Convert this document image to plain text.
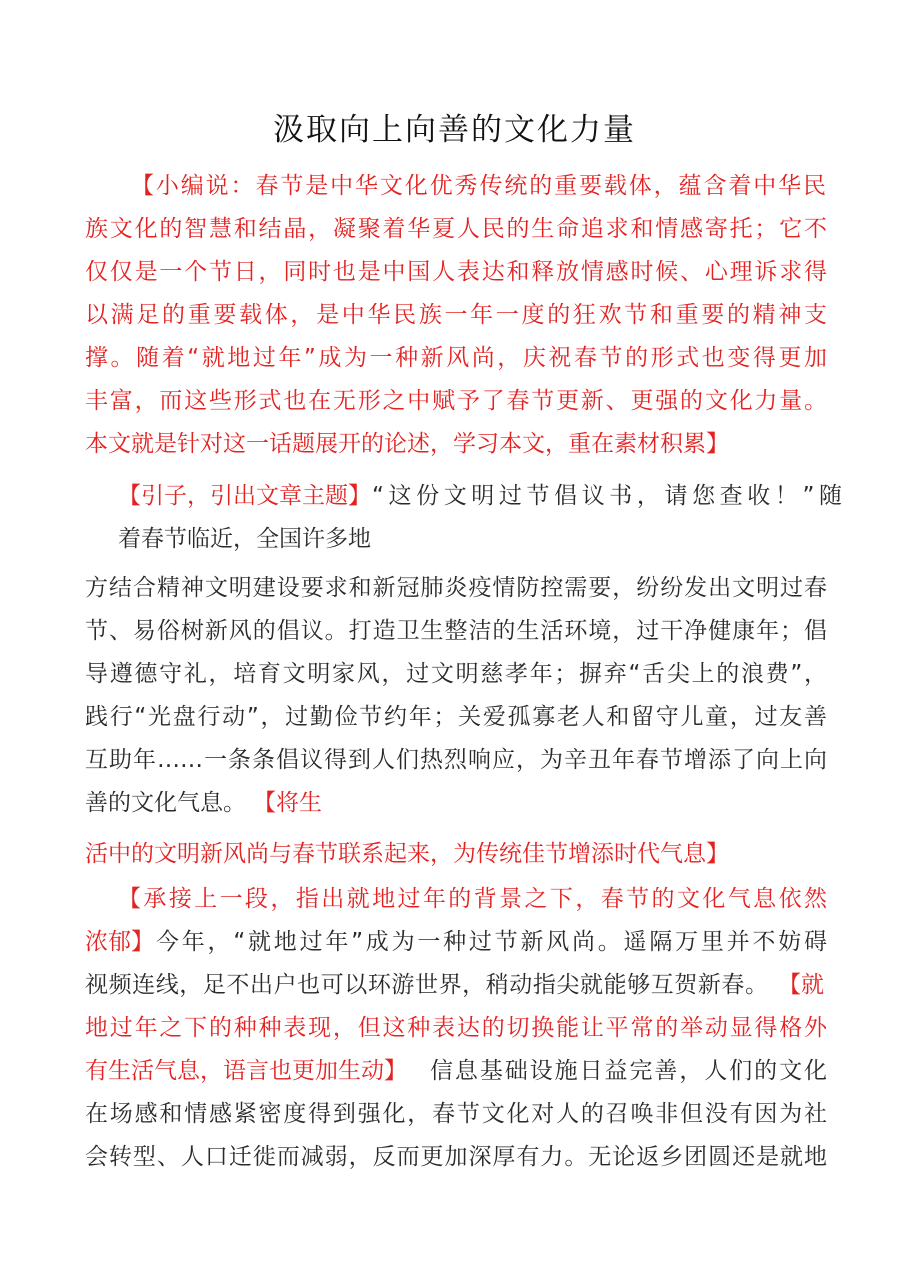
汲取向上向善的文化力量
【小编说：春节是中华文化优秀传统的重要载体，蕴含着中华民
族文化的智慧和结晶，凝聚着华夏人民的生命追求和情感寄托；它不
仅仅是一个节日，同时也是中国人表达和释放情感时候、心理诉求得
以满足的重要载体，是中华民族一年一度的狂欢节和重要的精神支
撑。随着“就地过年”成为一种新风尚，庆祝春节的形式也变得更加
丰富，而这些形式也在无形之中赋予了春节更新、更强的文化力量。
本文就是针对这一话题展开的论述，学习本文，重在素材积累】
【引子，引出文章主题】 “这份文明过节倡议书，请您查收！”随
着春节临近，全国许多地
方结合精神文明建设要求和新冠肺炎疫情防控需要，纷纷发出文明过春
节、易俗树新风的倡议。打造卫生整洁的生活环境，过干净健康年；倡
导遵德守礼，培育文明家风，过文明慈孝年；摒弃“舌尖上的浪费”，
践行“光盘行动”，过勤俭节约年；关爱孤寡老人和留守儿童，过友善
互助年……一条条倡议得到人们热烈响应，为辛丑年春节增添了向上向
善的文化气息。 【将生
活中的文明新风尚与春节联系起来，为传统佳节增添时代气息】
【承接上一段，指出就地过年的背景之下，春节的文化气息依然
浓郁】 今年，“就地过年”成为一种过节新风尚。遥隔万里并不妨碍
视频连线，足不出户也可以环游世界，稍动指尖就能够互贺新春。 【就
地过年之下的种种表现，但这种表达的切换能让平常的举动显得格外
有生活气息，语言也更加生动】 信息基础设施日益完善，人们的文化
在场感和情感紧密度得到强化，春节文化对人的召唤非但没有因为社
会转型、人口迁徙而减弱，反而更加深厚有力。无论返乡团圆还是就地
